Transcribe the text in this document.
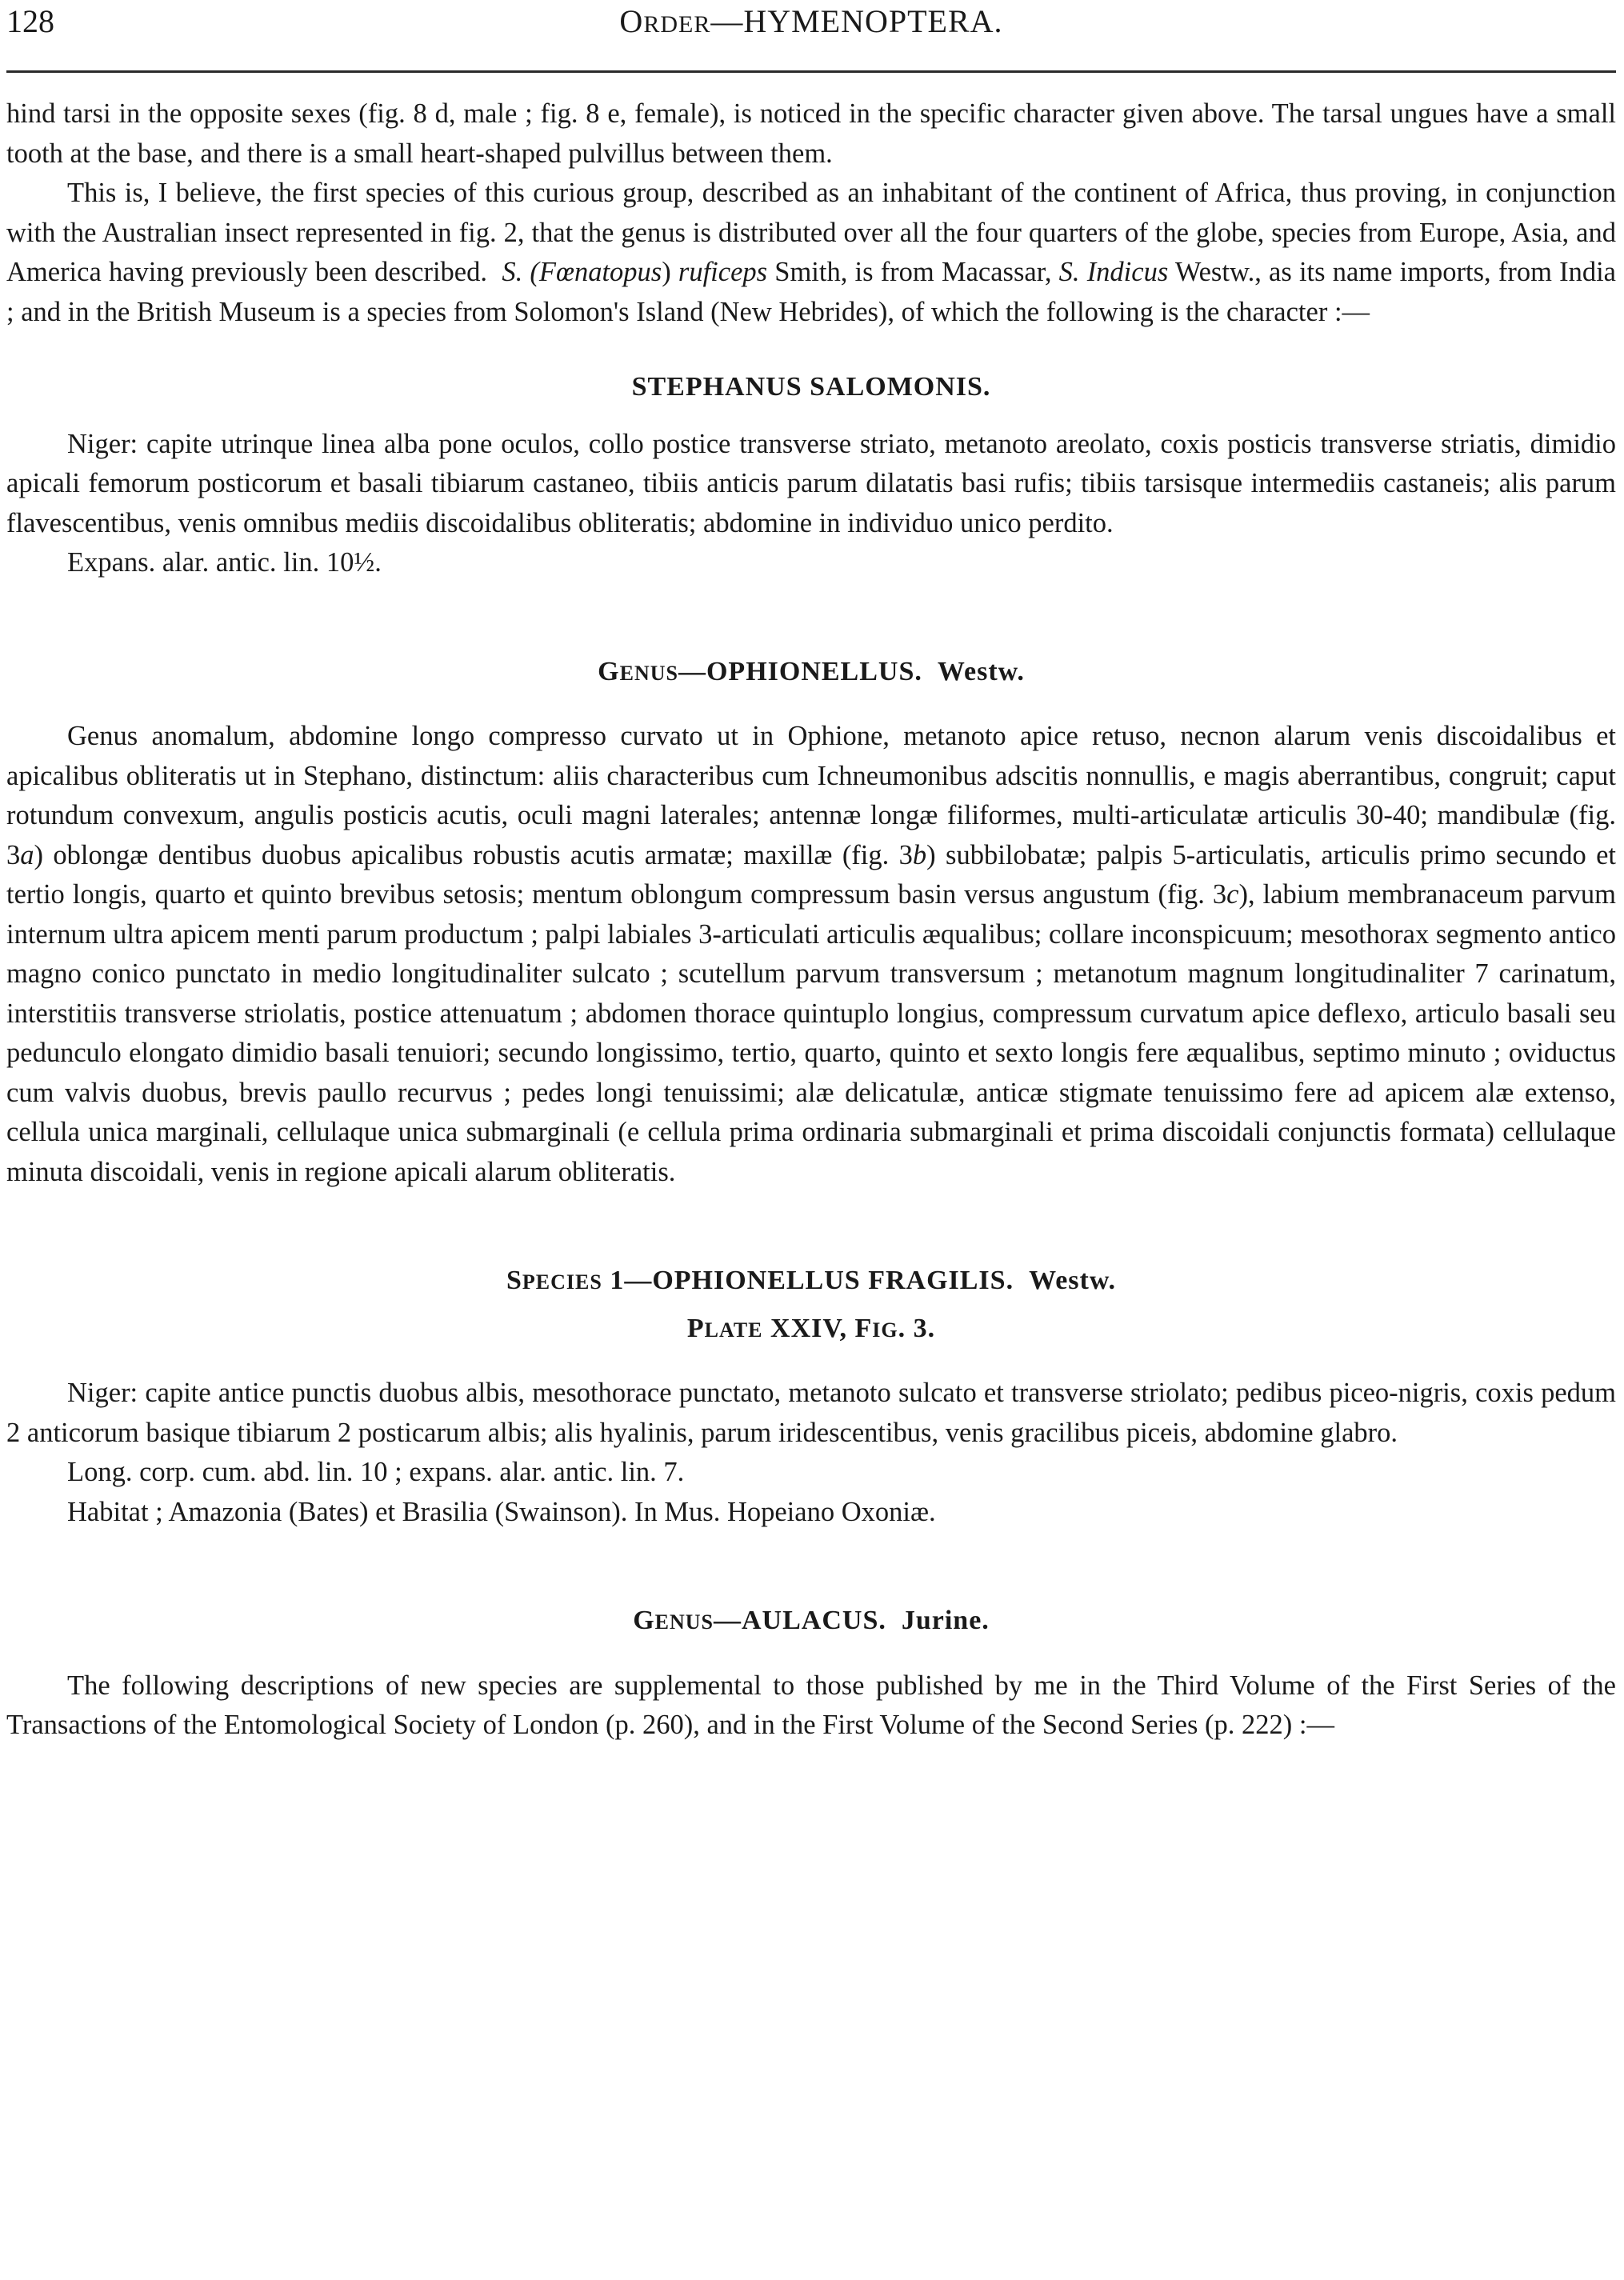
128	ORDER—HYMENOPTERA.

hind tarsi in the opposite sexes (fig. 8 d, male ; fig. 8 e, female), is noticed in the specific character given above. The tarsal ungues have a small tooth at the base, and there is a small heart-shaped pulvillus between them.

This is, I believe, the first species of this curious group, described as an inhabitant of the continent of Africa, thus proving, in conjunction with the Australian insect represented in fig. 2, that the genus is distributed over all the four quarters of the globe, species from Europe, Asia, and America having previously been described. S. (Fœnatopus) ruficeps Smith, is from Macassar, S. Indicus Westw., as its name imports, from India ; and in the British Museum is a species from Solomon's Island (New Hebrides), of which the following is the character :—

STEPHANUS SALOMONIS.

Niger: capite utrinque linea alba pone oculos, collo postice transverse striato, metanoto areolato, coxis posticis transverse striatis, dimidio apicali femorum posticorum et basali tibiarum castaneo, tibiis anticis parum dilatatis basi rufis; tibiis tarsisque intermediis castaneis; alis parum flavescentibus, venis omnibus mediis discoidalibus obliteratis; abdomine in individuo unico perdito.

Expans. alar. antic. lin. 10½.

GENUS—OPHIONELLUS. Westw.

Genus anomalum, abdomine longo compresso curvato ut in Ophione, metanoto apice retuso, necnon alarum venis discoidalibus et apicalibus obliteratis ut in Stephano, distinctum: aliis characteribus cum Ichneumonibus adscitis nonnullis, e magis aberrantibus, congruit; caput rotundum convexum, angulis posticis acutis, oculi magni laterales; antennæ longæ filiformes, multi-articulatæ articulis 30-40; mandibulæ (fig. 3a) oblongæ dentibus duobus apicalibus robustis acutis armatæ; maxillæ (fig. 3b) subbilobatæ; palpis 5-articulatis, articulis primo secundo et tertio longis, quarto et quinto brevibus setosis; mentum oblongum compressum basin versus angustum (fig. 3c), labium membranaceum parvum internum ultra apicem menti parum productum ; palpi labiales 3-articulati articulis æqualibus; collare inconspicuum; mesothorax segmento antico magno conico punctato in medio longitudinaliter sulcato ; scutellum parvum transversum ; metanotum magnum longitudinaliter 7 carinatum, interstitiis transverse striolatis, postice attenuatum ; abdomen thorace quintuplo longius, compressum curvatum apice deflexo, articulo basali seu pedunculo elongato dimidio basali tenuiori; secundo longissimo, tertio, quarto, quinto et sexto longis fere æqualibus, septimo minuto ; oviductus cum valvis duobus, brevis paullo recurvus ; pedes longi tenuissimi; alæ delicatulæ, anticæ stigmate tenuissimo fere ad apicem alæ extenso, cellula unica marginali, cellulaque unica submarginali (e cellula prima ordinaria submarginali et prima discoidali conjunctis formata) cellulaque minuta discoidali, venis in regione apicali alarum obliteratis.

SPECIES 1—OPHIONELLUS FRAGILIS. Westw.
PLATE XXIV, FIG. 3.

Niger: capite antice punctis duobus albis, mesothorace punctato, metanoto sulcato et transverse striolato; pedibus piceo-nigris, coxis pedum 2 anticorum basique tibiarum 2 posticarum albis; alis hyalinis, parum iridescentibus, venis gracilibus piceis, abdomine glabro.

Long. corp. cum. abd. lin. 10 ; expans. alar. antic. lin. 7.

Habitat ; Amazonia (Bates) et Brasilia (Swainson). In Mus. Hopeiano Oxoniæ.

GENUS—AULACUS. Jurine.

The following descriptions of new species are supplemental to those published by me in the Third Volume of the First Series of the Transactions of the Entomological Society of London (p. 260), and in the First Volume of the Second Series (p. 222) :—
